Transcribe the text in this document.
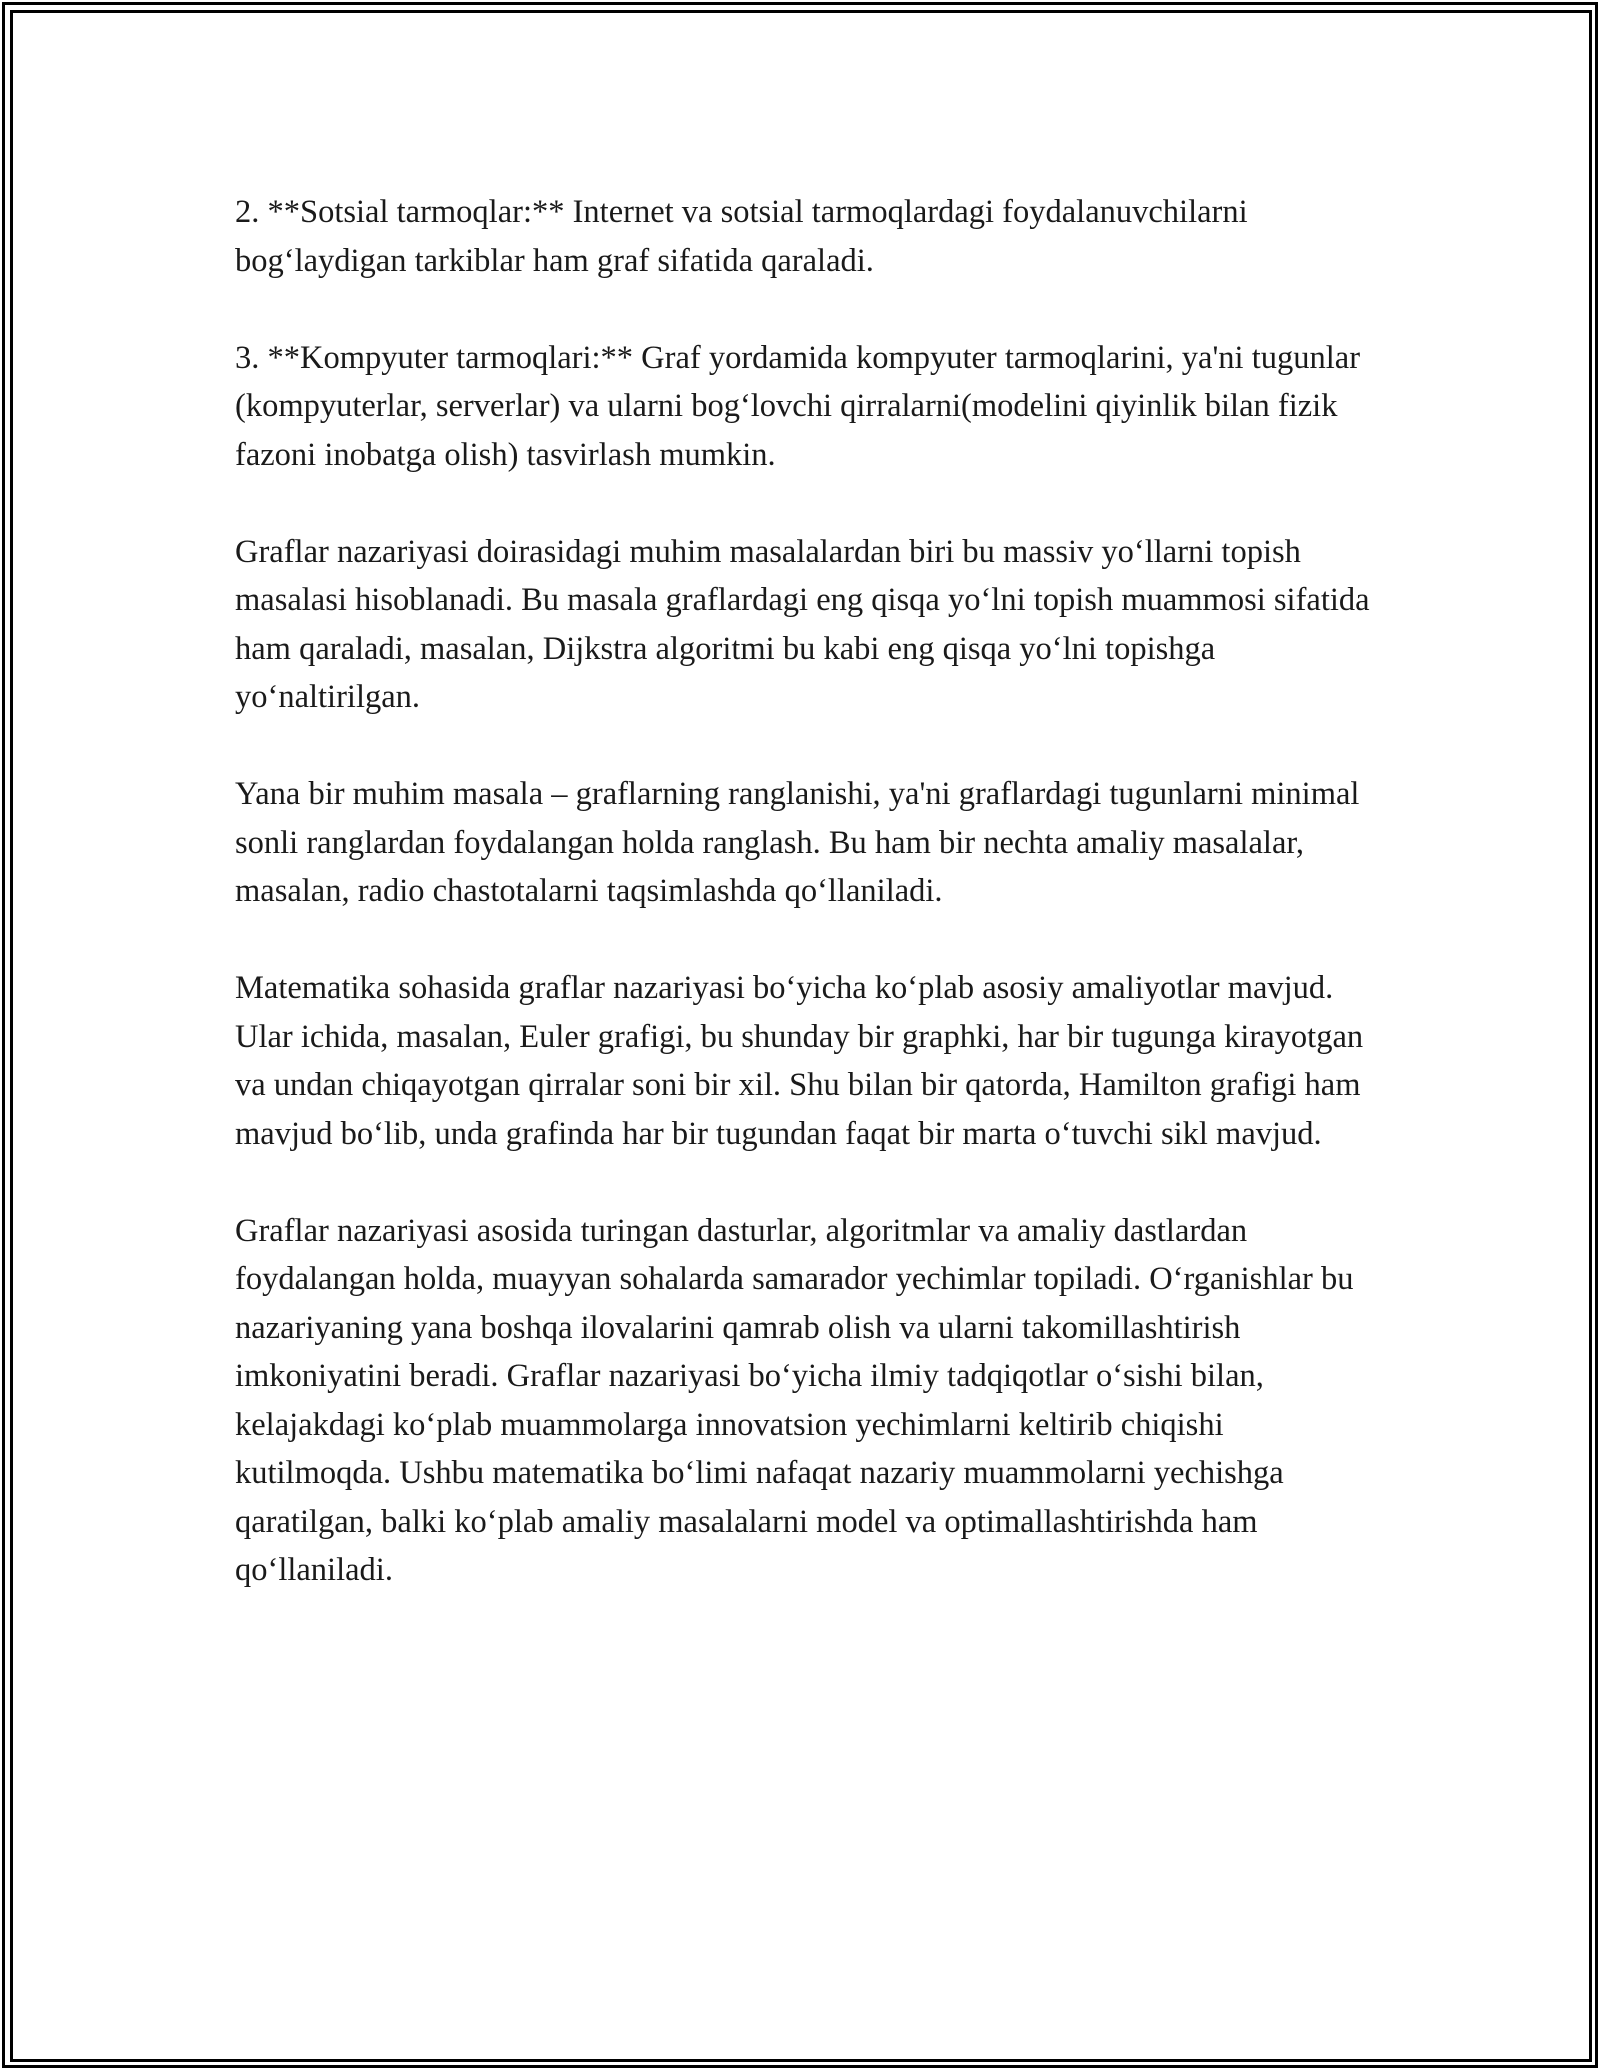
2. **Sotsial tarmoqlar:** Internet va sotsial tarmoqlardagi foydalanuvchilarni bog‘laydigan tarkiblar ham graf sifatida qaraladi.

3. **Kompyuter tarmoqlari:** Graf yordamida kompyuter tarmoqlarini, ya'ni tugunlar (kompyuterlar, serverlar) va ularni bog‘lovchi qirralarni(modelini qiyinlik bilan fizik fazoni inobatga olish) tasvirlash mumkin.

Graflar nazariyasi doirasidagi muhim masalalardan biri bu massiv yo‘llarni topish masalasi hisoblanadi. Bu masala graflardagi eng qisqa yo‘lni topish muammosi sifatida ham qaraladi, masalan, Dijkstra algoritmi bu kabi eng qisqa yo‘lni topishga yo‘naltirilgan.

Yana bir muhim masala – graflarning ranglanishi, ya'ni graflardagi tugunlarni minimal sonli ranglardan foydalangan holda ranglash. Bu ham bir nechta amaliy masalalar, masalan, radio chastotalarni taqsimlashda qo‘llaniladi.

Matematika sohasida graflar nazariyasi bo‘yicha ko‘plab asosiy amaliyotlar mavjud. Ular ichida, masalan, Euler grafigi, bu shunday bir graphki, har bir tugunga kirayotgan va undan chiqayotgan qirralar soni bir xil. Shu bilan bir qatorda, Hamilton grafigi ham mavjud bo‘lib, unda grafinda har bir tugundan faqat bir marta o‘tuvchi sikl mavjud.

Graflar nazariyasi asosida turingan dasturlar, algoritmlar va amaliy dastlardan foydalangan holda, muayyan sohalarda samarador yechimlar topiladi. O‘rganishlar bu nazariyaning yana boshqa ilovalarini qamrab olish va ularni takomillashtirish imkoniyatini beradi. Graflar nazariyasi bo‘yicha ilmiy tadqiqotlar o‘sishi bilan, kelajakdagi ko‘plab muammolarga innovatsion yechimlarni keltirib chiqishi kutilmoqda. Ushbu matematika bo‘limi nafaqat nazariy muammolarni yechishga qaratilgan, balki ko‘plab amaliy masalalarni model va optimallashtirishda ham qo‘llaniladi.
